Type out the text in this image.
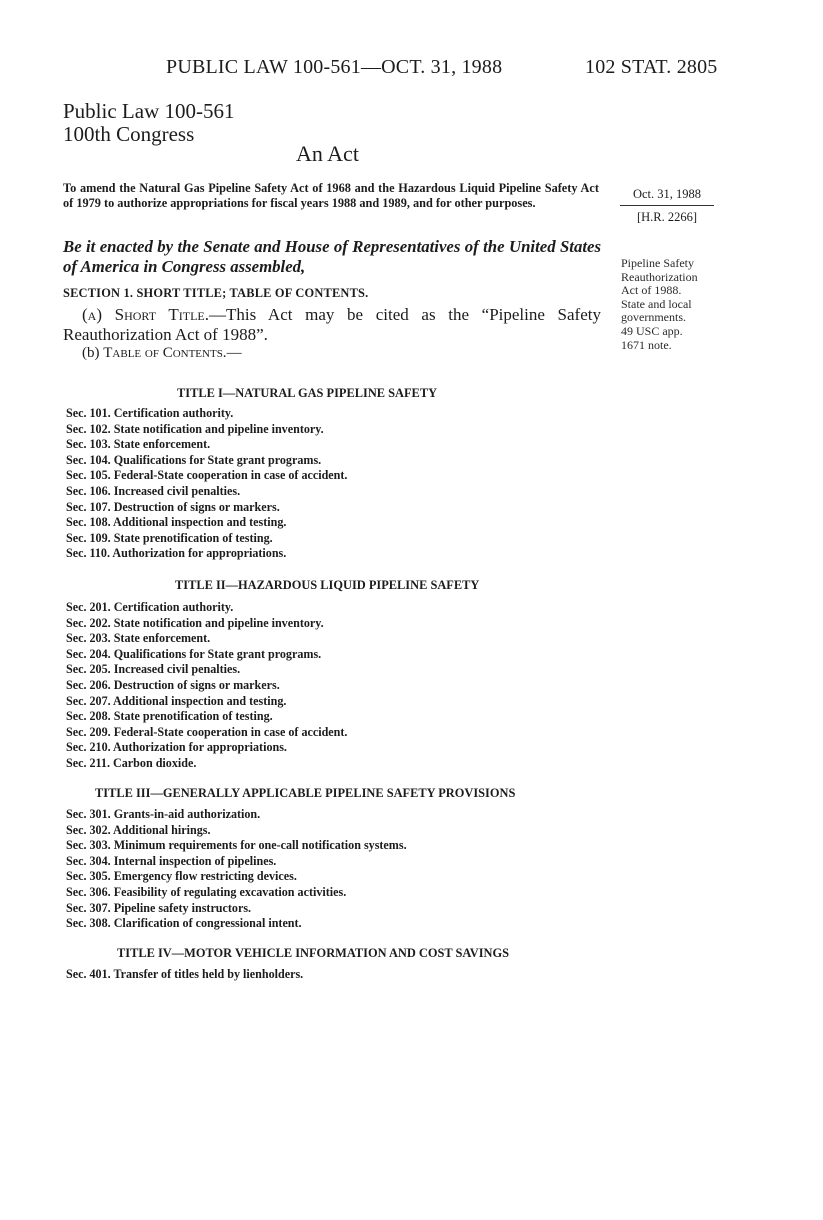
PUBLIC LAW 100-561—OCT. 31, 1988	102 STAT. 2805
Public Law 100-561
100th Congress
An Act
To amend the Natural Gas Pipeline Safety Act of 1968 and the Hazardous Liquid Pipeline Safety Act of 1979 to authorize appropriations for fiscal years 1988 and 1989, and for other purposes.
Oct. 31, 1988
[H.R. 2266]
Be it enacted by the Senate and House of Representatives of the United States of America in Congress assembled,	Pipeline Safety
Reauthorization
Act of 1988.
State and local
governments.
49 USC app.
1671 note.
SECTION 1. SHORT TITLE; TABLE OF CONTENTS.
(a) Short Title.—This Act may be cited as the “Pipeline Safety Reauthorization Act of 1988”.
(b) Table of Contents.—
TITLE I—NATURAL GAS PIPELINE SAFETY
Sec. 101. Certification authority.
Sec. 102. State notification and pipeline inventory.
Sec. 103. State enforcement.
Sec. 104. Qualifications for State grant programs.
Sec. 105. Federal-State cooperation in case of accident.
Sec. 106. Increased civil penalties.
Sec. 107. Destruction of signs or markers.
Sec. 108. Additional inspection and testing.
Sec. 109. State prenotification of testing.
Sec. 110. Authorization for appropriations.
TITLE II—HAZARDOUS LIQUID PIPELINE SAFETY
Sec. 201. Certification authority.
Sec. 202. State notification and pipeline inventory.
Sec. 203. State enforcement.
Sec. 204. Qualifications for State grant programs.
Sec. 205. Increased civil penalties.
Sec. 206. Destruction of signs or markers.
Sec. 207. Additional inspection and testing.
Sec. 208. State prenotification of testing.
Sec. 209. Federal-State cooperation in case of accident.
Sec. 210. Authorization for appropriations.
Sec. 211. Carbon dioxide.
TITLE III—GENERALLY APPLICABLE PIPELINE SAFETY PROVISIONS
Sec. 301. Grants-in-aid authorization.
Sec. 302. Additional hirings.
Sec. 303. Minimum requirements for one-call notification systems.
Sec. 304. Internal inspection of pipelines.
Sec. 305. Emergency flow restricting devices.
Sec. 306. Feasibility of regulating excavation activities.
Sec. 307. Pipeline safety instructors.
Sec. 308. Clarification of congressional intent.
TITLE IV—MOTOR VEHICLE INFORMATION AND COST SAVINGS
Sec. 401. Transfer of titles held by lienholders.
